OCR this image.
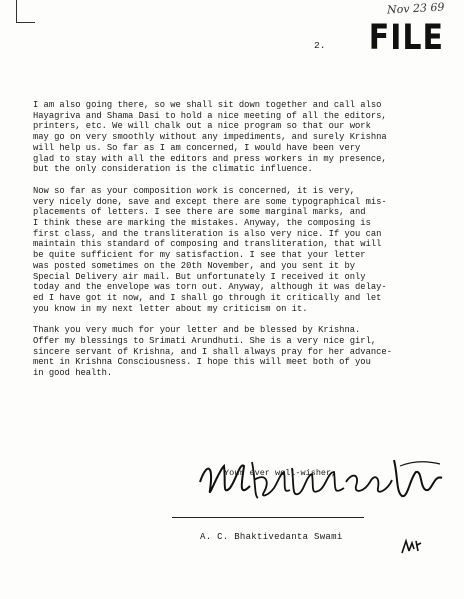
Nov 23 69
FILE
2.

I am also going there, so we shall sit down together and call also
Hayagriva and Shama Dasi to hold a nice meeting of all the editors,
printers, etc. We will chalk out a nice program so that our work
may go on very smoothly without any impediments, and surely Krishna
will help us. So far as I am concerned, I would have been very
glad to stay with all the editors and press workers in my presence,
but the only consideration is the climatic influence.

Now so far as your composition work is concerned, it is very,
very nicely done, save and except there are some typographical mis-
placements of letters. I see there are some marginal marks, and
I think these are marking the mistakes. Anyway, the composing is
first class, and the transliteration is also very nice. If you can
maintain this standard of composing and transliteration, that will
be quite sufficient for my satisfaction. I see that your letter
was posted sometimes on the 20th November, and you sent it by
Special Delivery air mail. But unfortunately I received it only
today and the envelope was torn out. Anyway, although it was delay-
ed I have got it now, and I shall go through it critically and let
you know in my next letter about my criticism on it.

Thank you very much for your letter and be blessed by Krishna.
Offer my blessings to Srimati Arundhuti. She is a very nice girl,
sincere servant of Krishna, and I shall always pray for her advance-
ment in Krishna Consciousness. I hope this will meet both of you
in good health.

Your ever well-wisher,
A. C. Bhaktivedanta Swami
